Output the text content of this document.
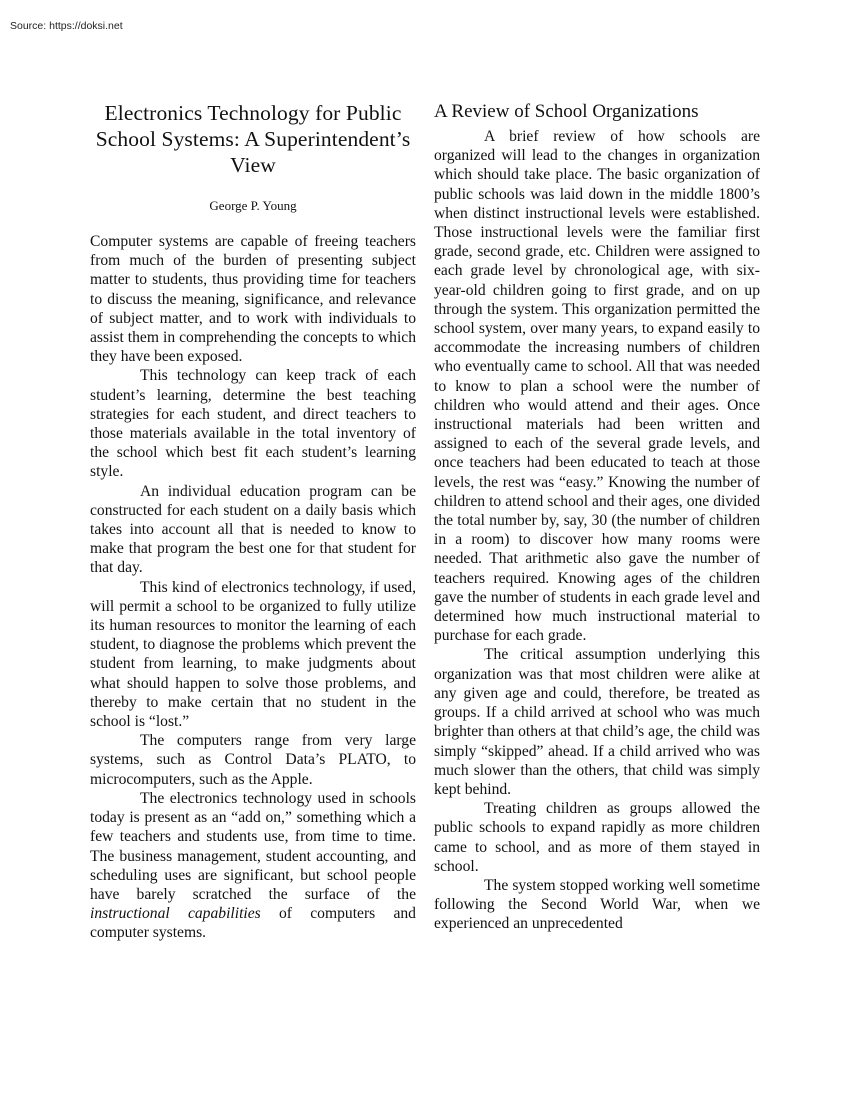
Source: https://doksi.net
Electronics Technology for Public School Systems: A Superintendent’s View
George P. Young

Computer systems are capable of freeing teachers from much of the burden of presenting subject matter to students, thus providing time for teachers to discuss the meaning, significance, and relevance of subject matter, and to work with individuals to assist them in comprehending the concepts to which they have been exposed.

This technology can keep track of each student’s learning, determine the best teaching strategies for each student, and direct teachers to those materials available in the total inventory of the school which best fit each student’s learning style.

An individual education program can be constructed for each student on a daily basis which takes into account all that is needed to know to make that program the best one for that student for that day.

This kind of electronics technology, if used, will permit a school to be organized to fully utilize its human resources to monitor the learning of each student, to diagnose the problems which prevent the student from learning, to make judgments about what should happen to solve those problems, and thereby to make certain that no student in the school is “lost.”

The computers range from very large systems, such as Control Data’s PLATO, to microcomputers, such as the Apple.

The electronics technology used in schools today is present as an “add on,” something which a few teachers and students use, from time to time. The business management, student accounting, and scheduling uses are significant, but school people have barely scratched the surface of the instructional capabilities of computers and computer systems.

A Review of School Organizations

A brief review of how schools are organized will lead to the changes in organization which should take place. The basic organization of public schools was laid down in the middle 1800’s when distinct instructional levels were established. Those instructional levels were the familiar first grade, second grade, etc. Children were assigned to each grade level by chronological age, with six-year-old children going to first grade, and on up through the system. This organization permitted the school system, over many years, to expand easily to accommodate the increasing numbers of children who eventually came to school. All that was needed to know to plan a school were the number of children who would attend and their ages. Once instructional materials had been written and assigned to each of the several grade levels, and once teachers had been educated to teach at those levels, the rest was “easy.” Knowing the number of children to attend school and their ages, one divided the total number by, say, 30 (the number of children in a room) to discover how many rooms were needed. That arithmetic also gave the number of teachers required. Knowing ages of the children gave the number of students in each grade level and determined how much instructional material to purchase for each grade.

The critical assumption underlying this organization was that most children were alike at any given age and could, therefore, be treated as groups. If a child arrived at school who was much brighter than others at that child’s age, the child was simply “skipped” ahead. If a child arrived who was much slower than the others, that child was simply kept behind.

Treating children as groups allowed the public schools to expand rapidly as more children came to school, and as more of them stayed in school.

The system stopped working well sometime following the Second World War, when we experienced an unprecedented
